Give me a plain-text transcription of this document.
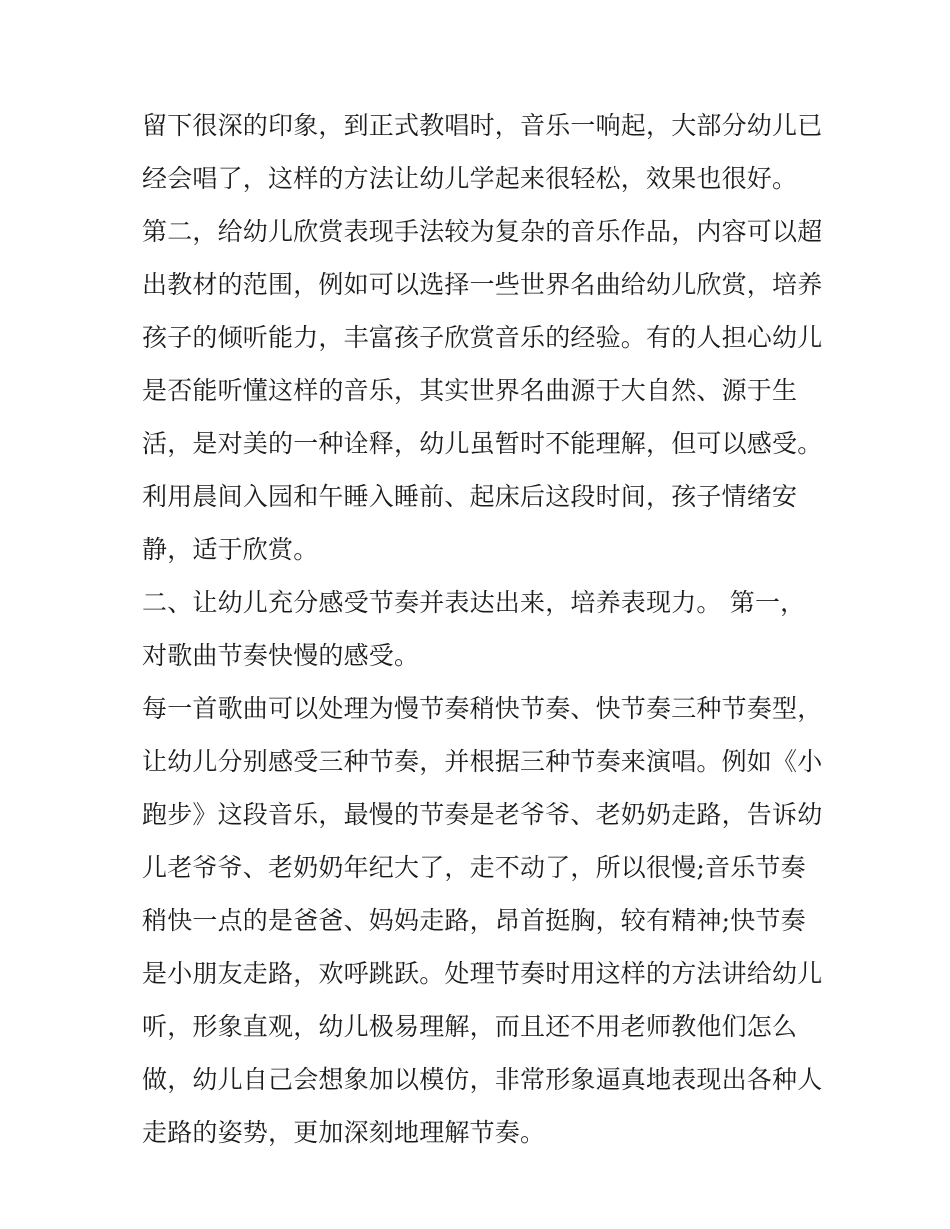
留下很深的印象，到正式教唱时，音乐一响起，大部分幼儿已
经会唱了，这样的方法让幼儿学起来很轻松，效果也很好。
第二，给幼儿欣赏表现手法较为复杂的音乐作品，内容可以超
出教材的范围，例如可以选择一些世界名曲给幼儿欣赏，培养
孩子的倾听能力，丰富孩子欣赏音乐的经验。有的人担心幼儿
是否能听懂这样的音乐，其实世界名曲源于大自然、源于生
活，是对美的一种诠释，幼儿虽暂时不能理解，但可以感受。
利用晨间入园和午睡入睡前、起床后这段时间，孩子情绪安
静，适于欣赏。
二、让幼儿充分感受节奏并表达出来，培养表现力。 第一，
对歌曲节奏快慢的感受。
每一首歌曲可以处理为慢节奏稍快节奏、快节奏三种节奏型，
让幼儿分别感受三种节奏，并根据三种节奏来演唱。例如《小
跑步》这段音乐，最慢的节奏是老爷爷、老奶奶走路，告诉幼
儿老爷爷、老奶奶年纪大了，走不动了，所以很慢;音乐节奏
稍快一点的是爸爸、妈妈走路，昂首挺胸，较有精神;快节奏
是小朋友走路，欢呼跳跃。处理节奏时用这样的方法讲给幼儿
听，形象直观，幼儿极易理解，而且还不用老师教他们怎么
做，幼儿自己会想象加以模仿，非常形象逼真地表现出各种人
走路的姿势，更加深刻地理解节奏。
